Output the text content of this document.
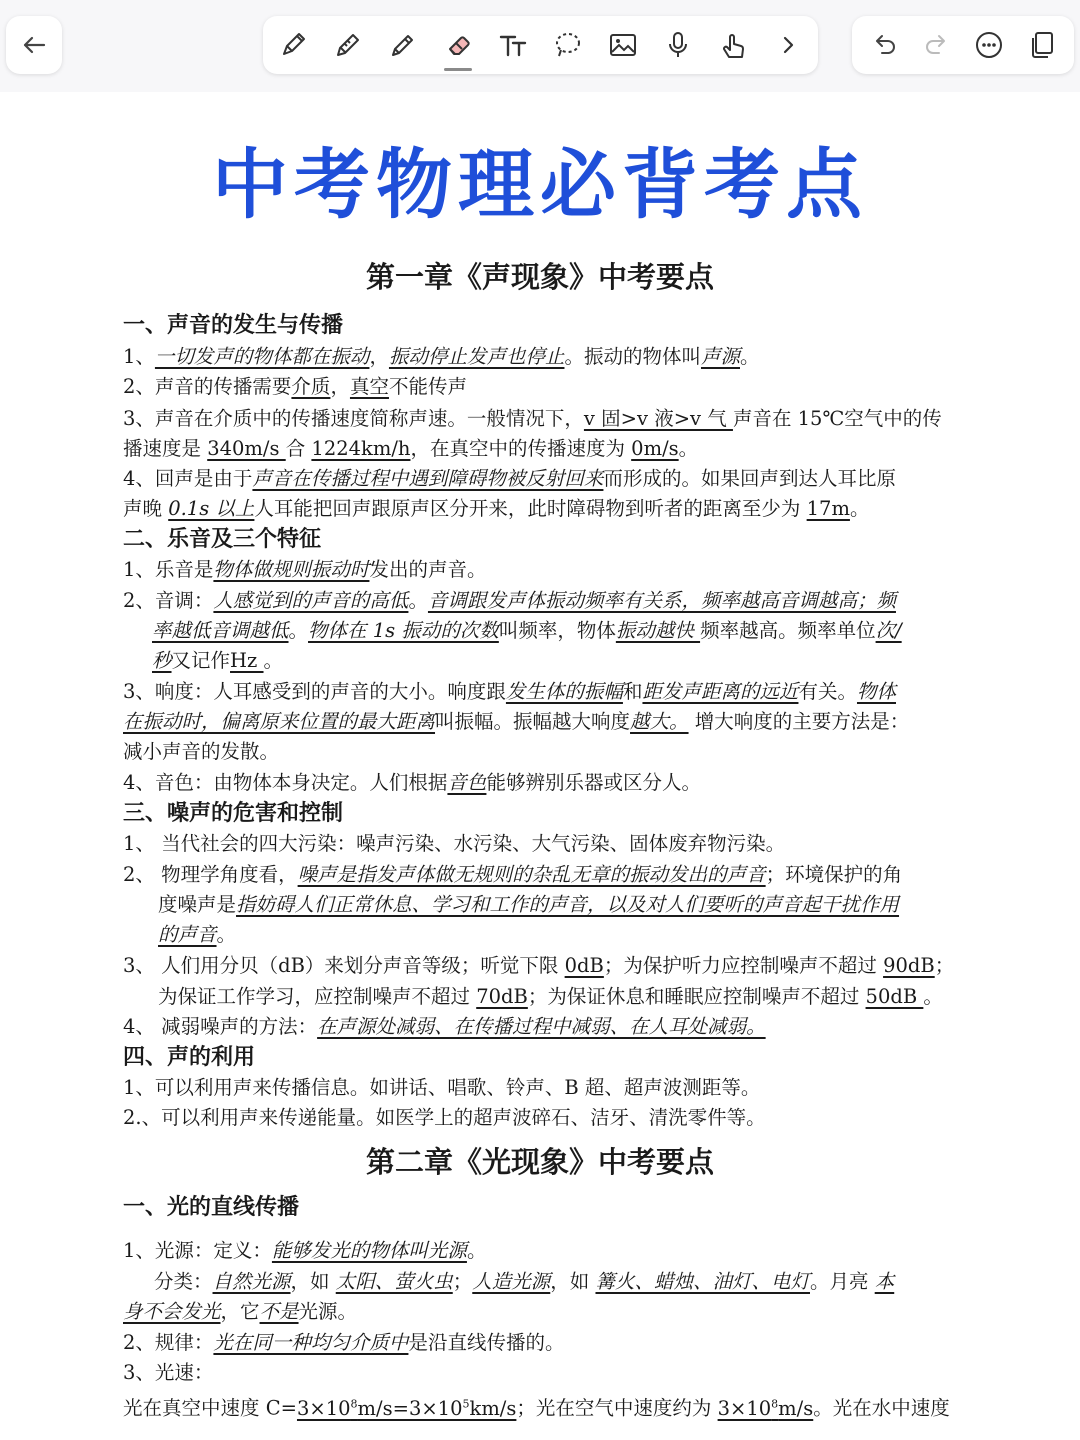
中考物理必背考点
第一章《声现象》中考要点
一、声音的发生与传播
1、一切发声的物体都在振动，振动停止发声也停止。振动的物体叫声源。
2、声音的传播需要介质，真空不能传声
3、声音在介质中的传播速度简称声速。一般情况下，v 固>v 液>v 气 声音在 15℃空气中的传
播速度是 340m/s 合 1224km/h，在真空中的传播速度为 0m/s。
4、回声是由于声音在传播过程中遇到障碍物被反射回来而形成的。如果回声到达人耳比原
声晚 0.1s 以上人耳能把回声跟原声区分开来，此时障碍物到听者的距离至少为 17m。
二、乐音及三个特征
1、乐音是物体做规则振动时发出的声音。
2、音调：人感觉到的声音的高低。音调跟发声体振动频率有关系，频率越高音调越高；频
率越低音调越低。物体在 1s 振动的次数叫频率，物体振动越快 频率越高。频率单位次/
秒又记作Hz 。
3、响度：人耳感受到的声音的大小。响度跟发生体的振幅和距发声距离的远近有关。物体
在振动时，偏离原来位置的最大距离叫振幅。振幅越大响度越大。 增大响度的主要方法是：
减小声音的发散。
4、音色：由物体本身决定。人们根据音色能够辨别乐器或区分人。
三、噪声的危害和控制
1、 当代社会的四大污染：噪声污染、水污染、大气污染、固体废弃物污染。
2、 物理学角度看，噪声是指发声体做无规则的杂乱无章的振动发出的声音；环境保护的角
度噪声是指妨碍人们正常休息、学习和工作的声音，以及对人们要听的声音起干扰作用
的声音。
3、 人们用分贝（dB）来划分声音等级；听觉下限 0dB；为保护听力应控制噪声不超过 90dB；
为保证工作学习，应控制噪声不超过 70dB；为保证休息和睡眠应控制噪声不超过 50dB 。
4、 减弱噪声的方法：在声源处减弱、在传播过程中减弱、在人耳处减弱。
四、声的利用
1、可以利用声来传播信息。如讲话、唱歌、铃声、B 超、超声波测距等。
2.、可以利用声来传递能量。如医学上的超声波碎石、洁牙、清洗零件等。
第二章《光现象》中考要点
一、光的直线传播
1、光源：定义：能够发光的物体叫光源。
分类：自然光源，如 太阳、萤火虫；人造光源，如 篝火、蜡烛、油灯、电灯。月亮 本
身不会发光，它不是光源。
2、规律：光在同一种均匀介质中是沿直线传播的。
3、光速：
光在真空中速度 $C=3\times 10^8m/s=3\times 10^5km/s$；光在空气中速度约为 $3\times 10^8m/s$。光在水中速度
